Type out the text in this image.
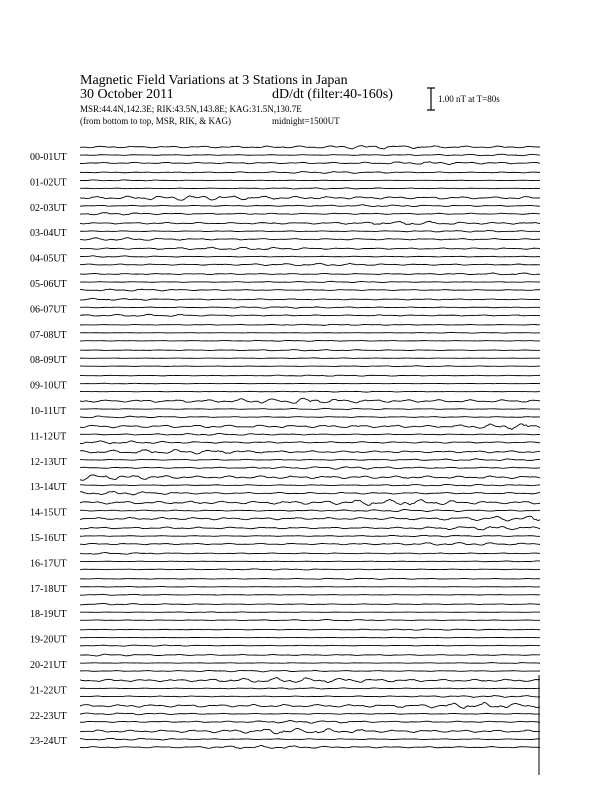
Magnetic Field Variations at 3 Stations in Japan
30 October 2011	dD/dt (filter:40-160s)
MSR:44.4N,142.3E; RIK:43.5N,143.8E; KAG:31.5N,130.7E
(from bottom to top, MSR, RIK, & KAG)	midnight=1500UT
1.00 nT at T=80s
00-01UT
01-02UT
02-03UT
03-04UT
04-05UT
05-06UT
06-07UT
07-08UT
08-09UT
09-10UT
10-11UT
11-12UT
12-13UT
13-14UT
14-15UT
15-16UT
16-17UT
17-18UT
18-19UT
19-20UT
20-21UT
21-22UT
22-23UT
23-24UT
